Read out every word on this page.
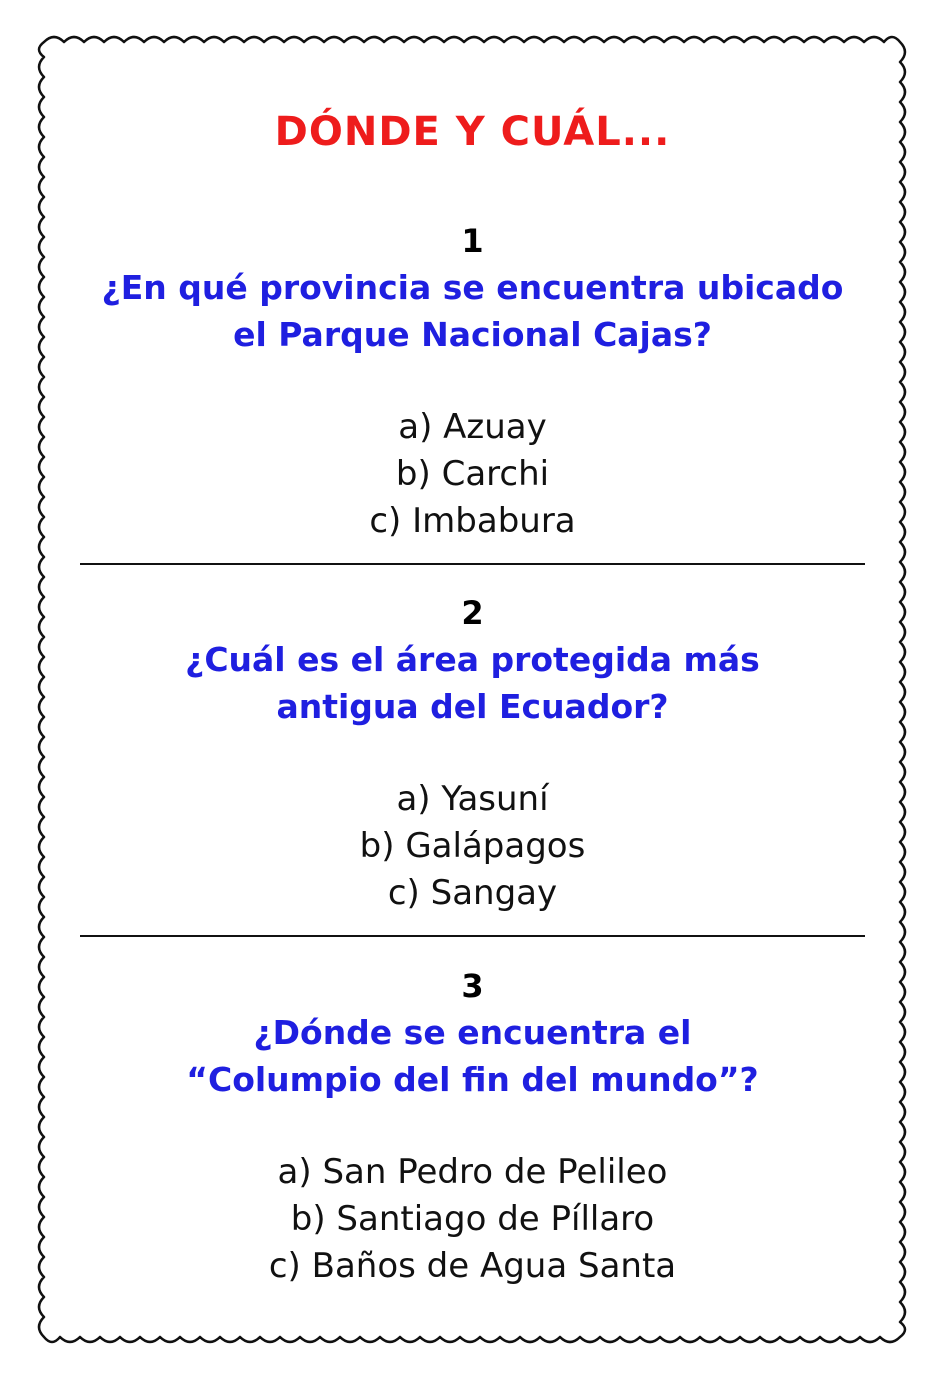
DÓNDE Y CUÁL...
1
¿En qué provincia se encuentra ubicado
el Parque Nacional Cajas?
a) Azuay
b) Carchi
c) Imbabura
2
¿Cuál es el área protegida más
antigua del Ecuador?
a) Yasuní
b) Galápagos
c) Sangay
3
¿Dónde se encuentra el
“Columpio del fin del mundo”?
a) San Pedro de Pelileo
b) Santiago de Píllaro
c) Baños de Agua Santa
